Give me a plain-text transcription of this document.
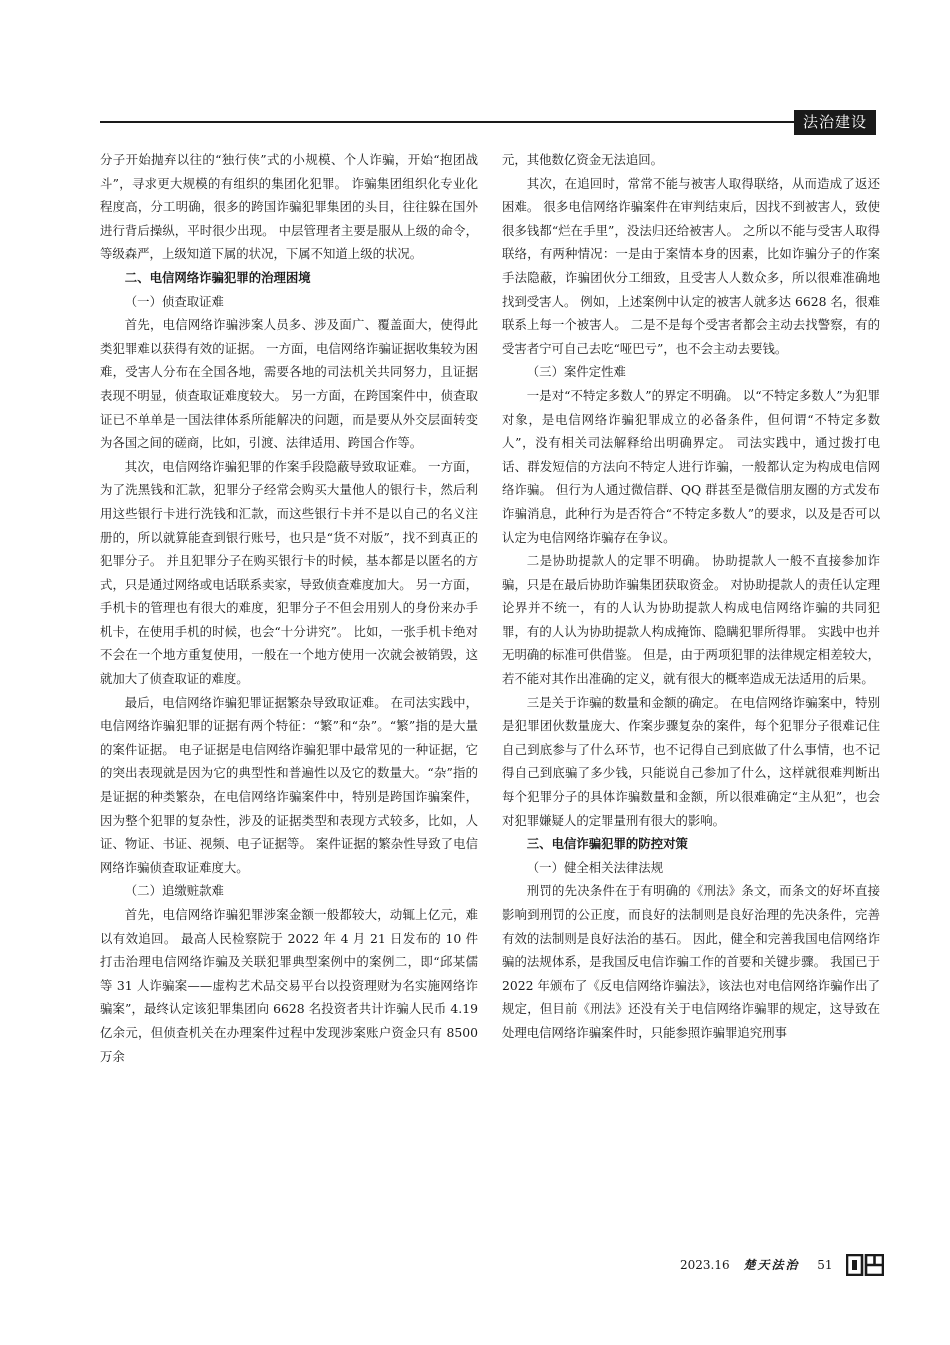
法治建设

分子开始抛弃以往的“独行侠”式的小规模、个人诈骗，开始“抱团战斗”，寻求更大规模的有组织的集团化犯罪。 诈骗集团组织化专业化程度高，分工明确，很多的跨国诈骗犯罪集团的头目，往往躲在国外进行背后操纵，平时很少出现。 中层管理者主要是服从上级的命令，等级森严，上级知道下属的状况，下属不知道上级的状况。

二、电信网络诈骗犯罪的治理困境
（一）侦查取证难

首先，电信网络诈骗涉案人员多、涉及面广、覆盖面大，使得此类犯罪难以获得有效的证据。 一方面，电信网络诈骗证据收集较为困难，受害人分布在全国各地，需要各地的司法机关共同努力，且证据表现不明显，侦查取证难度较大。 另一方面，在跨国案件中，侦查取证已不单单是一国法律体系所能解决的问题，而是要从外交层面转变为各国之间的磋商，比如，引渡、法律适用、跨国合作等。

其次，电信网络诈骗犯罪的作案手段隐蔽导致取证难。 一方面，为了洗黑钱和汇款，犯罪分子经常会购买大量他人的银行卡，然后利用这些银行卡进行洗钱和汇款，而这些银行卡并不是以自己的名义注册的，所以就算能查到银行账号，也只是“货不对版”，找不到真正的犯罪分子。 并且犯罪分子在购买银行卡的时候，基本都是以匿名的方式，只是通过网络或电话联系卖家，导致侦查难度加大。 另一方面，手机卡的管理也有很大的难度，犯罪分子不但会用别人的身份来办手机卡，在使用手机的时候，也会“十分讲究”。 比如，一张手机卡绝对不会在一个地方重复使用，一般在一个地方使用一次就会被销毁，这就加大了侦查取证的难度。

最后，电信网络诈骗犯罪证据繁杂导致取证难。 在司法实践中，电信网络诈骗犯罪的证据有两个特征：“繁”和“杂”。“繁”指的是大量的案件证据。 电子证据是电信网络诈骗犯罪中最常见的一种证据，它的突出表现就是因为它的典型性和普遍性以及它的数量大。“杂”指的是证据的种类繁杂，在电信网络诈骗案件中，特别是跨国诈骗案件，因为整个犯罪的复杂性，涉及的证据类型和表现方式较多，比如，人证、物证、书证、视频、电子证据等。 案件证据的繁杂性导致了电信网络诈骗侦查取证难度大。

（二）追缴赃款难

首先，电信网络诈骗犯罪涉案金额一般都较大，动辄上亿元，难以有效追回。 最高人民检察院于 2022 年 4 月 21 日发布的 10 件打击治理电信网络诈骗及关联犯罪典型案例中的案例二，即“邱某儒等 31 人诈骗案——虚构艺术品交易平台以投资理财为名实施网络诈骗案”，最终认定该犯罪集团向 6628 名投资者共计诈骗人民币 4.19 亿余元，但侦查机关在办理案件过程中发现涉案账户资金只有 8500 万余

元，其他数亿资金无法追回。

其次，在追回时，常常不能与被害人取得联络，从而造成了返还困难。 很多电信网络诈骗案件在审判结束后，因找不到被害人，致使很多钱都“烂在手里”，没法归还给被害人。 之所以不能与受害人取得联络，有两种情况：一是由于案情本身的因素，比如诈骗分子的作案手法隐蔽，诈骗团伙分工细致，且受害人人数众多，所以很难准确地找到受害人。 例如，上述案例中认定的被害人就多达 6628 名，很难联系上每一个被害人。 二是不是每个受害者都会主动去找警察，有的受害者宁可自己去吃“哑巴亏”，也不会主动去要钱。

（三）案件定性难

一是对“不特定多数人”的界定不明确。 以“不特定多数人”为犯罪对象，是电信网络诈骗犯罪成立的必备条件，但何谓“不特定多数人”，没有相关司法解释给出明确界定。 司法实践中，通过拨打电话、群发短信的方法向不特定人进行诈骗，一般都认定为构成电信网络诈骗。 但行为人通过微信群、QQ 群甚至是微信朋友圈的方式发布诈骗消息，此种行为是否符合“不特定多数人”的要求，以及是否可以认定为电信网络诈骗存在争议。

二是协助提款人的定罪不明确。 协助提款人一般不直接参加诈骗，只是在最后协助诈骗集团获取资金。 对协助提款人的责任认定理论界并不统一，有的人认为协助提款人构成电信网络诈骗的共同犯罪，有的人认为协助提款人构成掩饰、隐瞒犯罪所得罪。 实践中也并无明确的标准可供借鉴。 但是，由于两项犯罪的法律规定相差较大，若不能对其作出准确的定义，就有很大的概率造成无法适用的后果。

三是关于诈骗的数量和金额的确定。 在电信网络诈骗案中，特别是犯罪团伙数量庞大、作案步骤复杂的案件，每个犯罪分子很难记住自己到底参与了什么环节，也不记得自己到底做了什么事情，也不记得自己到底骗了多少钱，只能说自己参加了什么，这样就很难判断出每个犯罪分子的具体诈骗数量和金额，所以很难确定“主从犯”，也会对犯罪嫌疑人的定罪量刑有很大的影响。

三、电信诈骗犯罪的防控对策
（一）健全相关法律法规

刑罚的先决条件在于有明确的《刑法》条文，而条文的好坏直接影响到刑罚的公正度，而良好的法制则是良好治理的先决条件，完善有效的法制则是良好法治的基石。 因此，健全和完善我国电信网络诈骗的法规体系，是我国反电信诈骗工作的首要和关键步骤。 我国已于 2022 年颁布了《反电信网络诈骗法》，该法也对电信网络诈骗作出了规定，但目前《刑法》还没有关于电信网络诈骗罪的规定，这导致在处理电信网络诈骗案件时，只能参照诈骗罪追究刑事

2023.16 楚天法治 51
